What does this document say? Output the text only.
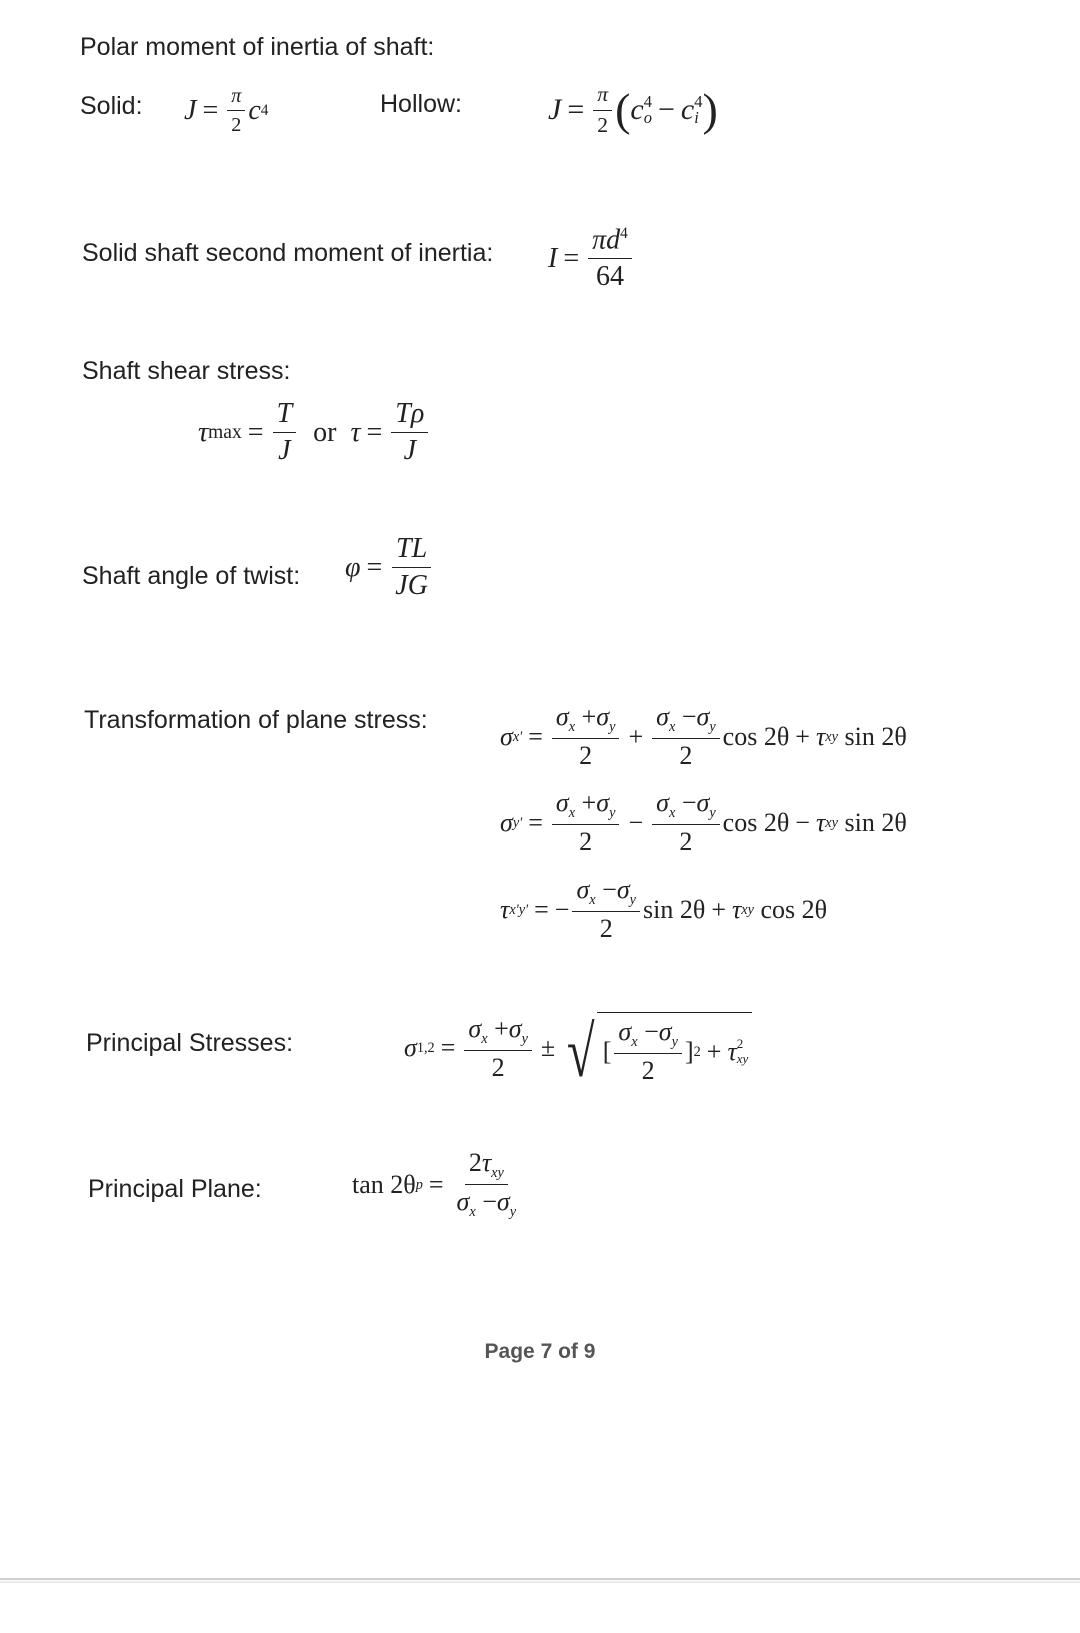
Polar moment of inertia of shaft:
Solid:	Hollow:
Solid shaft second moment of inertia:
Shaft shear stress:
Shaft angle of twist:
Transformation of plane stress:
Principal Stresses:
Principal Plane:
$J = \frac{\pi}{2}$ c 4	$J = \frac{\pi}{2}$ ( c 4
o − c 4
i )
$I = \frac{\pi d^4}{64}$
τ $\max = \frac{T}{J}$ or $\tau = \frac{T\rho}{J}$
$\varphi = \frac{TL}{JG}$
σ $x' = \frac{\sigma_x +\sigma_y}{2} + \frac{\sigma_x -\sigma_y}{2}$ cos 2θ + τ xy
sin 2θ
σ $y' = \frac{\sigma_x +\sigma_y}{2} - \frac{\sigma_x -\sigma_y}{2}$ cos 2θ − τ xy
sin 2θ
τ x'y' = − $\frac{\sigma_x -\sigma_y}{2}$ sin 2θ + τ xy
cos 2θ
σ $1,2 = \frac{\sigma_x +\sigma_y}{2}$ ± √ [ $\frac{\sigma_x -\sigma_y}{2}$ ] 2 + τ 2
xy
tan 2θ $p = \frac{2\tau_{xy}}{\sigma_x -\sigma_y}$
Page 7 of 9
